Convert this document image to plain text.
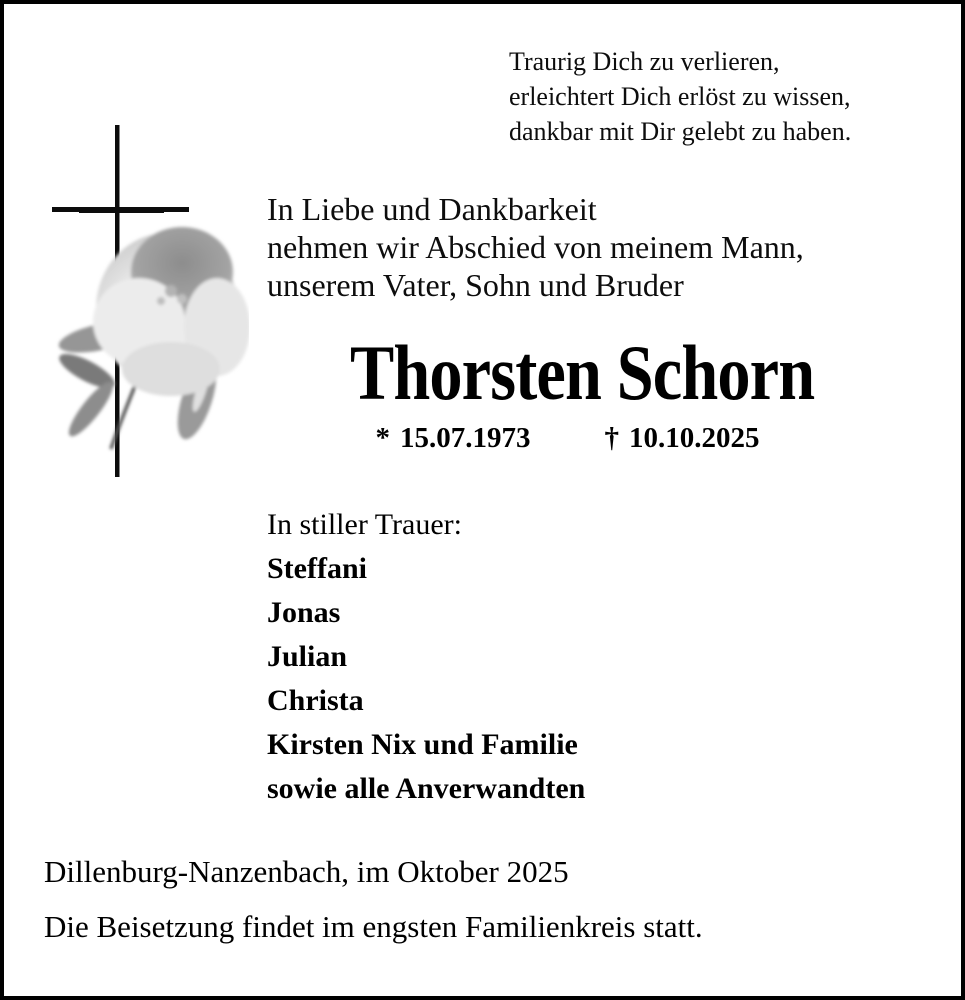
Traurig Dich zu verlieren,
erleichtert Dich erlöst zu wissen,
dankbar mit Dir gelebt zu haben.
In Liebe und Dankbarkeit
nehmen wir Abschied von meinem Mann,
unserem Vater, Sohn und Bruder
Thorsten Schorn
* 15.07.1973	† 10.10.2025
In stiller Trauer:
Steffani
Jonas
Julian
Christa
Kirsten Nix und Familie
sowie alle Anverwandten
Dillenburg-Nanzenbach, im Oktober 2025
Die Beisetzung findet im engsten Familienkreis statt.
